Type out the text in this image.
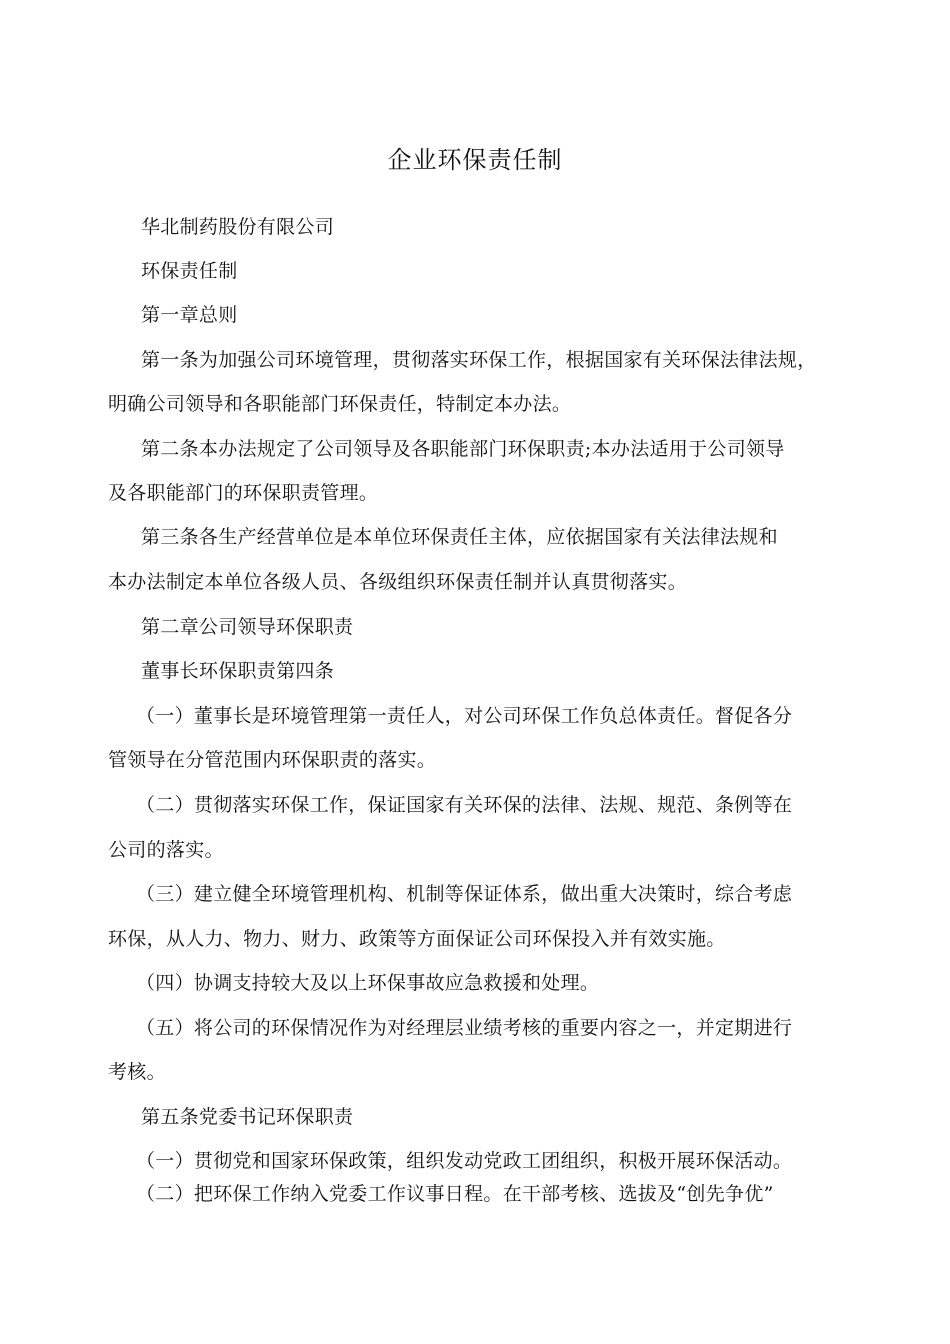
企业环保责任制
华北制药股份有限公司
环保责任制
第一章总则
第一条为加强公司环境管理，贯彻落实环保工作，根据国家有关环保法律法规，
明确公司领导和各职能部门环保责任，特制定本办法。
第二条本办法规定了公司领导及各职能部门环保职责;本办法适用于公司领导
及各职能部门的环保职责管理。
第三条各生产经营单位是本单位环保责任主体，应依据国家有关法律法规和
本办法制定本单位各级人员、各级组织环保责任制并认真贯彻落实。
第二章公司领导环保职责
董事长环保职责第四条
（一）董事长是环境管理第一责任人，对公司环保工作负总体责任。督促各分
管领导在分管范围内环保职责的落实。
（二）贯彻落实环保工作，保证国家有关环保的法律、法规、规范、条例等在
公司的落实。
（三）建立健全环境管理机构、机制等保证体系，做出重大决策时，综合考虑
环保，从人力、物力、财力、政策等方面保证公司环保投入并有效实施。
（四）协调支持较大及以上环保事故应急救援和处理。
（五）将公司的环保情况作为对经理层业绩考核的重要内容之一，并定期进行
考核。
第五条党委书记环保职责
（一）贯彻党和国家环保政策，组织发动党政工团组织，积极开展环保活动。
（二）把环保工作纳入党委工作议事日程。在干部考核、选拔及“创先争优”
